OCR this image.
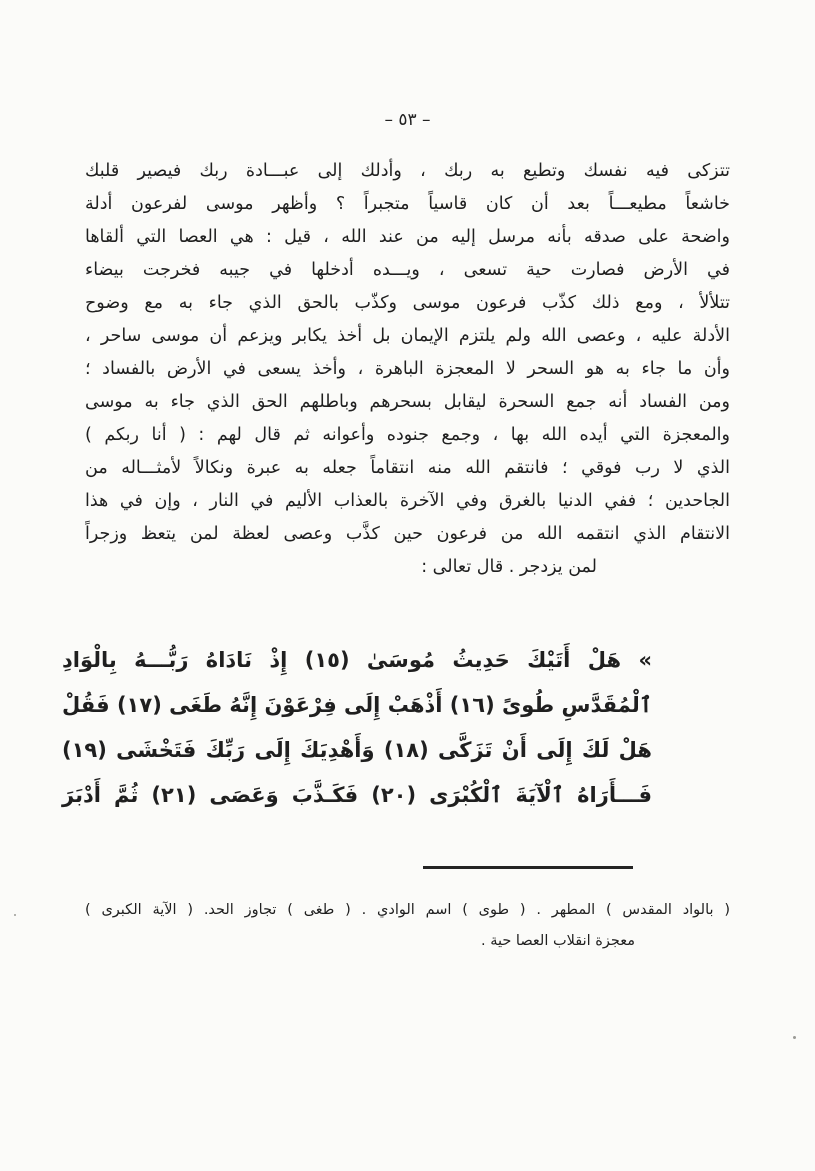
– ٥٣ –
تتزكى فيه نفسك وتطيع به ربك ، وأدلك إلى عبـــادة ربك فيصير قلبك
خاشعاً مطيعـــاً بعد أن كان قاسياً متجبراً ؟ وأظهر موسى لفرعون أدلة
واضحة على صدقه بأنه مرسل إليه من عند الله ، قيل : هي العصا التي ألقاها
في الأرض فصارت حية تسعى ، ويـــده أدخلها في جيبه فخرجت بيضاء
تتلألأ ، ومع ذلك كذّب فرعون موسى وكذّب بالحق الذي جاء به مع وضوح
الأدلة عليه ، وعصى الله ولم يلتزم الإيمان بل أخذ يكابر ويزعم أن موسى ساحر ،
وأن ما جاء به هو السحر لا المعجزة الباهرة ، وأخذ يسعى في الأرض بالفساد ؛
ومن الفساد أنه جمع السحرة ليقابل بسحرهم وباطلهم الحق الذي جاء به موسى
والمعجزة التي أيده الله بها ، وجمع جنوده وأعوانه ثم قال لهم : ( أنا ربكم )
الذي لا رب فوقي ؛ فانتقم الله منه انتقاماً جعله به عبرة ونكالاً لأمثـــاله من
الجاحدين ؛ ففي الدنيا بالغرق وفي الآخرة بالعذاب الأليم في النار ، وإن في هذا
الانتقام الذي انتقمه الله من فرعون حين كذَّب وعصى لعظة لمن يتعظ وزجراً
لمن يزدجر . قال تعالى :
» هَلْ أَتَيْكَ حَدِيثُ مُوسَىٰ (١٥) إِذْ نَادَاهُ رَبُّـــهُ بِالْوَادِ
ٱلْمُقَدَّسِ طُوىً (١٦) أَذْهَبْ إِلَى فِرْعَوْنَ إِنَّهُ طَغَى (١٧) فَقُلْ
هَلْ لَكَ إِلَى أَنْ تَزَكَّى (١٨) وَأَهْدِيَكَ إِلَى رَبِّكَ فَتَخْشَى (١٩)
فَـــأَرَاهُ ٱلْآيَةَ ٱلْكُبْرَى (٢٠) فَكَـذَّبَ وَعَصَى (٢١) ثُمَّ أَدْبَرَ
( بالواد المقدس ) المطهر . ( طوى ) اسم الوادي . ( طغى ) تجاوز الحد. ( الآية الكبرى )
معجزة انقلاب العصا حية .
